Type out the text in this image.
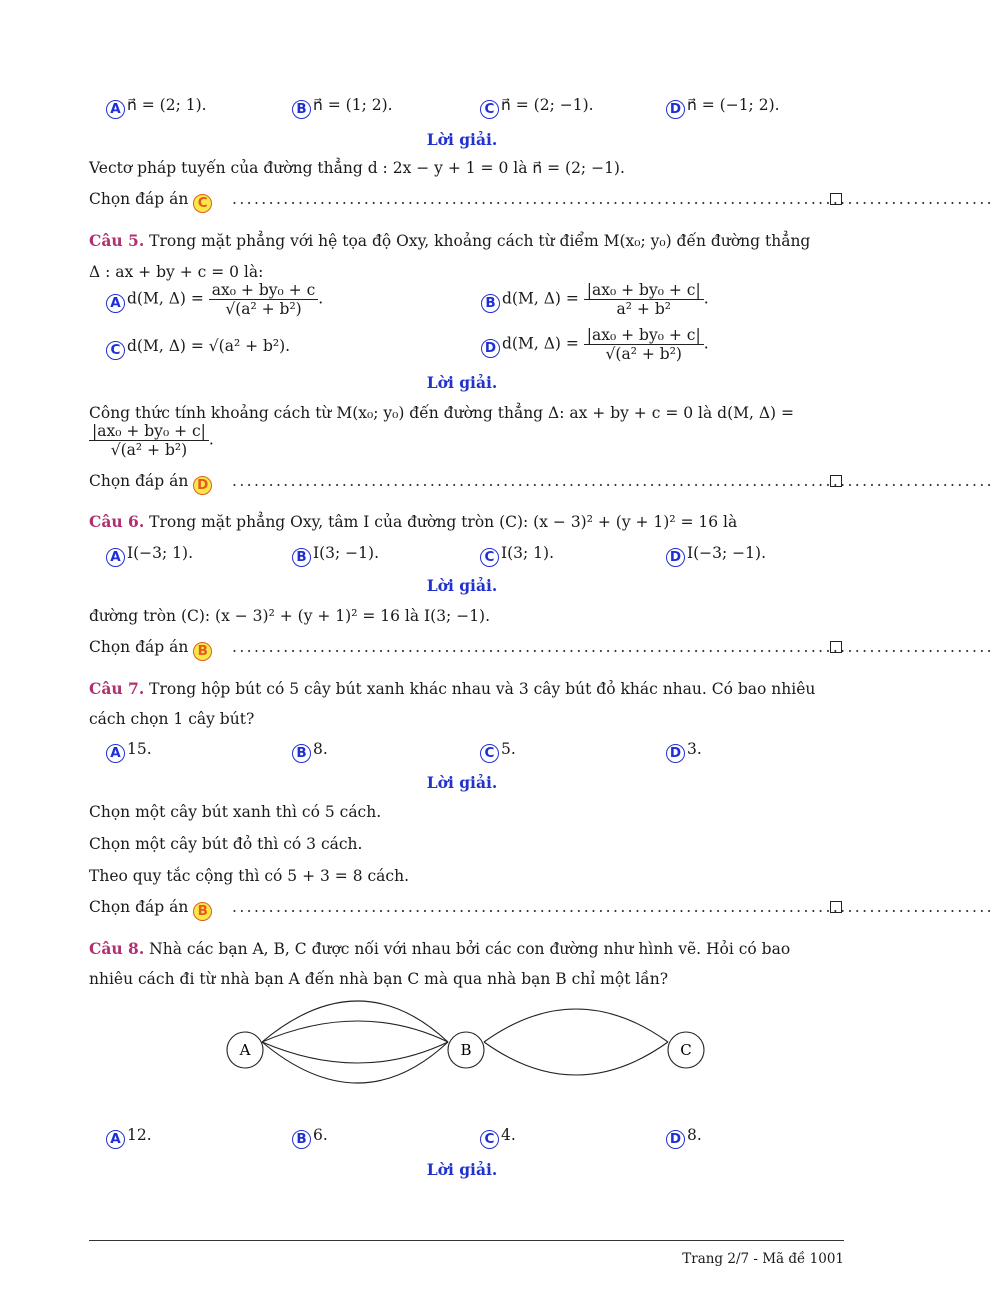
A n⃗ = (2; 1).	B n⃗ = (1; 2).	C n⃗ = (2; −1).	D n⃗ = (−1; 2).
Lời giải.
Vectơ pháp tuyến của đường thẳng d : 2x − y + 1 = 0 là n⃗ = (2; −1).
Chọn đáp án C	........................................................................................................
Câu 5. Trong mặt phẳng với hệ tọa độ Oxy, khoảng cách từ điểm M(x₀; y₀) đến đường thẳng
Δ : ax + by + c = 0 là:
A d(M, $\Delta) = \frac{\text{ax₀ + by₀ + c}}{\text{√(a² + b²)}}$ .	B d(M, $\Delta) = \frac{\text{|ax₀ + by₀ + c|}}{\text{a² + b²}}$ .
C d(M, Δ) = √(a² + b²).	D d(M, $\Delta) = \frac{\text{|ax₀ + by₀ + c|}}{\text{√(a² + b²)}}$ .
Lời giải.
Công thức tính khoảng cách từ M(x₀; y₀) đến đường thẳng Δ: ax + by + c = 0 là d(M, Δ) =
$\frac{\text{|ax₀ + by₀ + c|}}{\text{√(a² + b²)}}$ .
Chọn đáp án D	........................................................................................................
Câu 6. Trong mặt phẳng Oxy, tâm I của đường tròn (C): (x − 3)² + (y + 1)² = 16 là
A I(−3; 1).	B I(3; −1).	C I(3; 1).	D I(−3; −1).
Lời giải.
đường tròn (C): (x − 3)² + (y + 1)² = 16 là I(3; −1).
Chọn đáp án B	........................................................................................................
Câu 7. Trong hộp bút có 5 cây bút xanh khác nhau và 3 cây bút đỏ khác nhau. Có bao nhiêu
cách chọn 1 cây bút?
A 15.	B 8.	C 5.	D 3.
Lời giải.
Chọn một cây bút xanh thì có 5 cách.
Chọn một cây bút đỏ thì có 3 cách.
Theo quy tắc cộng thì có 5 + 3 = 8 cách.
Chọn đáp án B	........................................................................................................
Câu 8. Nhà các bạn A, B, C được nối với nhau bởi các con đường như hình vẽ. Hỏi có bao
nhiêu cách đi từ nhà bạn A đến nhà bạn C mà qua nhà bạn B chỉ một lần?
A	B	C
A 12.	B 6.	C 4.	D 8.
Lời giải.
Trang 2/7 - Mã đề 1001
